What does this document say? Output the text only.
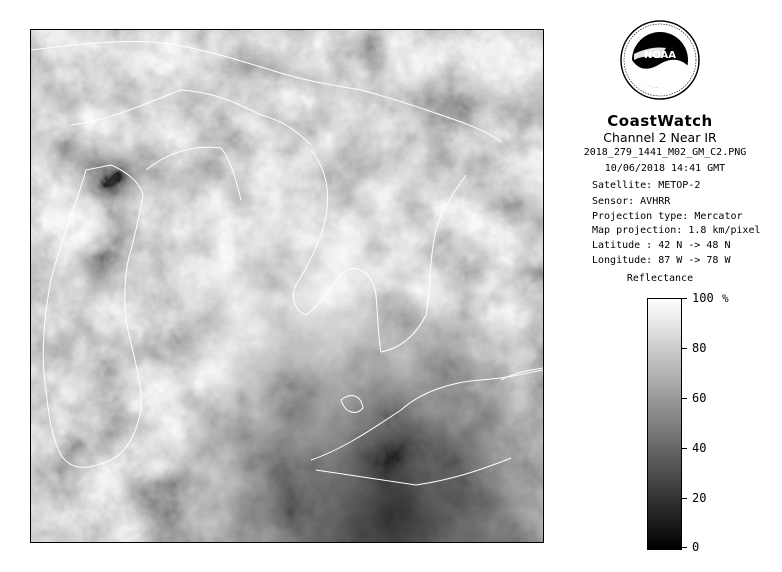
NOAA
CoastWatch
Channel 2 Near IR
2018_279_1441_M02_GM_C2.PNG
10/06/2018 14:41 GMT
Satellite: METOP-2
Sensor: AVHRR
Projection type: Mercator
Map projection: 1.8 km/pixel
Latitude : 42 N -> 48 N
Longitude: 87 W -> 78 W
Reflectance
%
100
80
60
40
20
0
